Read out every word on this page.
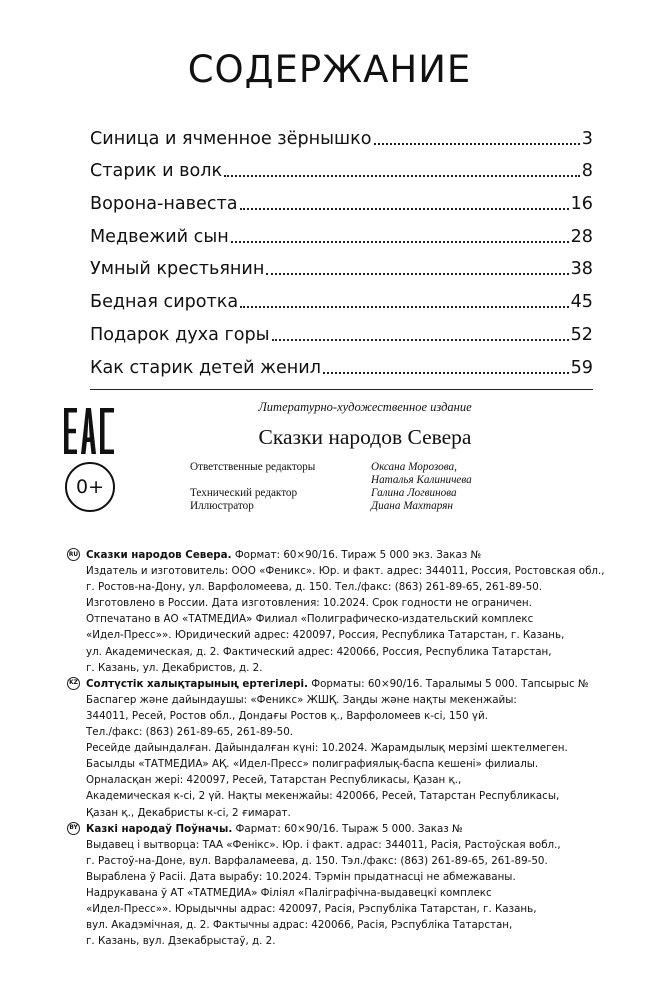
СОДЕРЖАНИЕ
Синица и ячменное зёрнышко	3
Старик и волк	8
Ворона-навеста	16
Медвежий сын	28
Умный крестьянин	38
Бедная сиротка	45
Подарок духа горы	52
Как старик детей женил	59
0+
Литературно-художественное издание
Сказки народов Севера
Ответственные редакторы	Оксана Морозова,
Наталья Калиничева
Технический редактор	Галина Логвинова
Иллюстратор	Диана Махтарян
RU Сказки народов Севера. Формат: 60×90/16. Тираж 5 000 экз. Заказ №
Издатель и изготовитель: ООО «Феникс». Юр. и факт. адрес: 344011, Россия, Ростовская обл.,
г. Ростов-на-Дону, ул. Варфоломеева, д. 150. Тел./факс: (863) 261-89-65, 261-89-50.
Изготовлено в России. Дата изготовления: 10.2024. Срок годности не ограничен.
Отпечатано в АО «ТАТМЕДИА» Филиал «Полиграфическо-издательский комплекс
«Идел-Пресс»». Юридический адрес: 420097, Россия, Республика Татарстан, г. Казань,
ул. Академическая, д. 2. Фактический адрес: 420066, Россия, Республика Татарстан,
г. Казань, ул. Декабристов, д. 2.
KZ Солтүстік халықтарының ертегілері. Форматы: 60×90/16. Таралымы 5 000. Тапсырыс №
Баспагер және дайындаушы: «Феникс» ЖШҚ. Заңды және нақты мекенжайы:
344011, Ресей, Ростов обл., Дондағы Ростов қ., Варфоломеев к-сі, 150 үй.
Тел./факс: (863) 261-89-65, 261-89-50.
Ресейде дайындалған. Дайындалған күні: 10.2024. Жарамдылық мерзімі шектелмеген.
Басылды «ТАТМЕДИА» АҚ. «Идел-Пресс» полиграфиялық-баспа кешені» филиалы.
Орналасқан жері: 420097, Ресей, Татарстан Республикасы, Қазан қ.,
Академическая к-сі, 2 үй. Нақты мекенжайы: 420066, Ресей, Татарстан Республикасы,
Қазан қ., Декабристы к-сі, 2 ғимарат.
BY Казкі народаў Поўначы. Фармат: 60×90/16. Тыраж 5 000. Заказ №
Выдавец і вытворца: ТАА «Фенікс». Юр. і факт. адрас: 344011, Расія, Растоўская вобл.,
г. Растоў-на-Доне, вул. Варфаламеева, д. 150. Тэл./факс: (863) 261-89-65, 261-89-50.
Выраблена ў Расіі. Дата вырабу: 10.2024. Тэрмін прыдатнасці не абмежаваны.
Надрукавана ў АТ «ТАТМЕДИА» Філіял «Паліграфічна-выдавецкі комплекс
«Идел-Пресс»». Юрыдычны адрас: 420097, Расія, Рэспубліка Татарстан, г. Казань,
вул. Акадэмічная, д. 2. Фактычны адрас: 420066, Расія, Рэспубліка Татарстан,
г. Казань, вул. Дзекабрыстаў, д. 2.
